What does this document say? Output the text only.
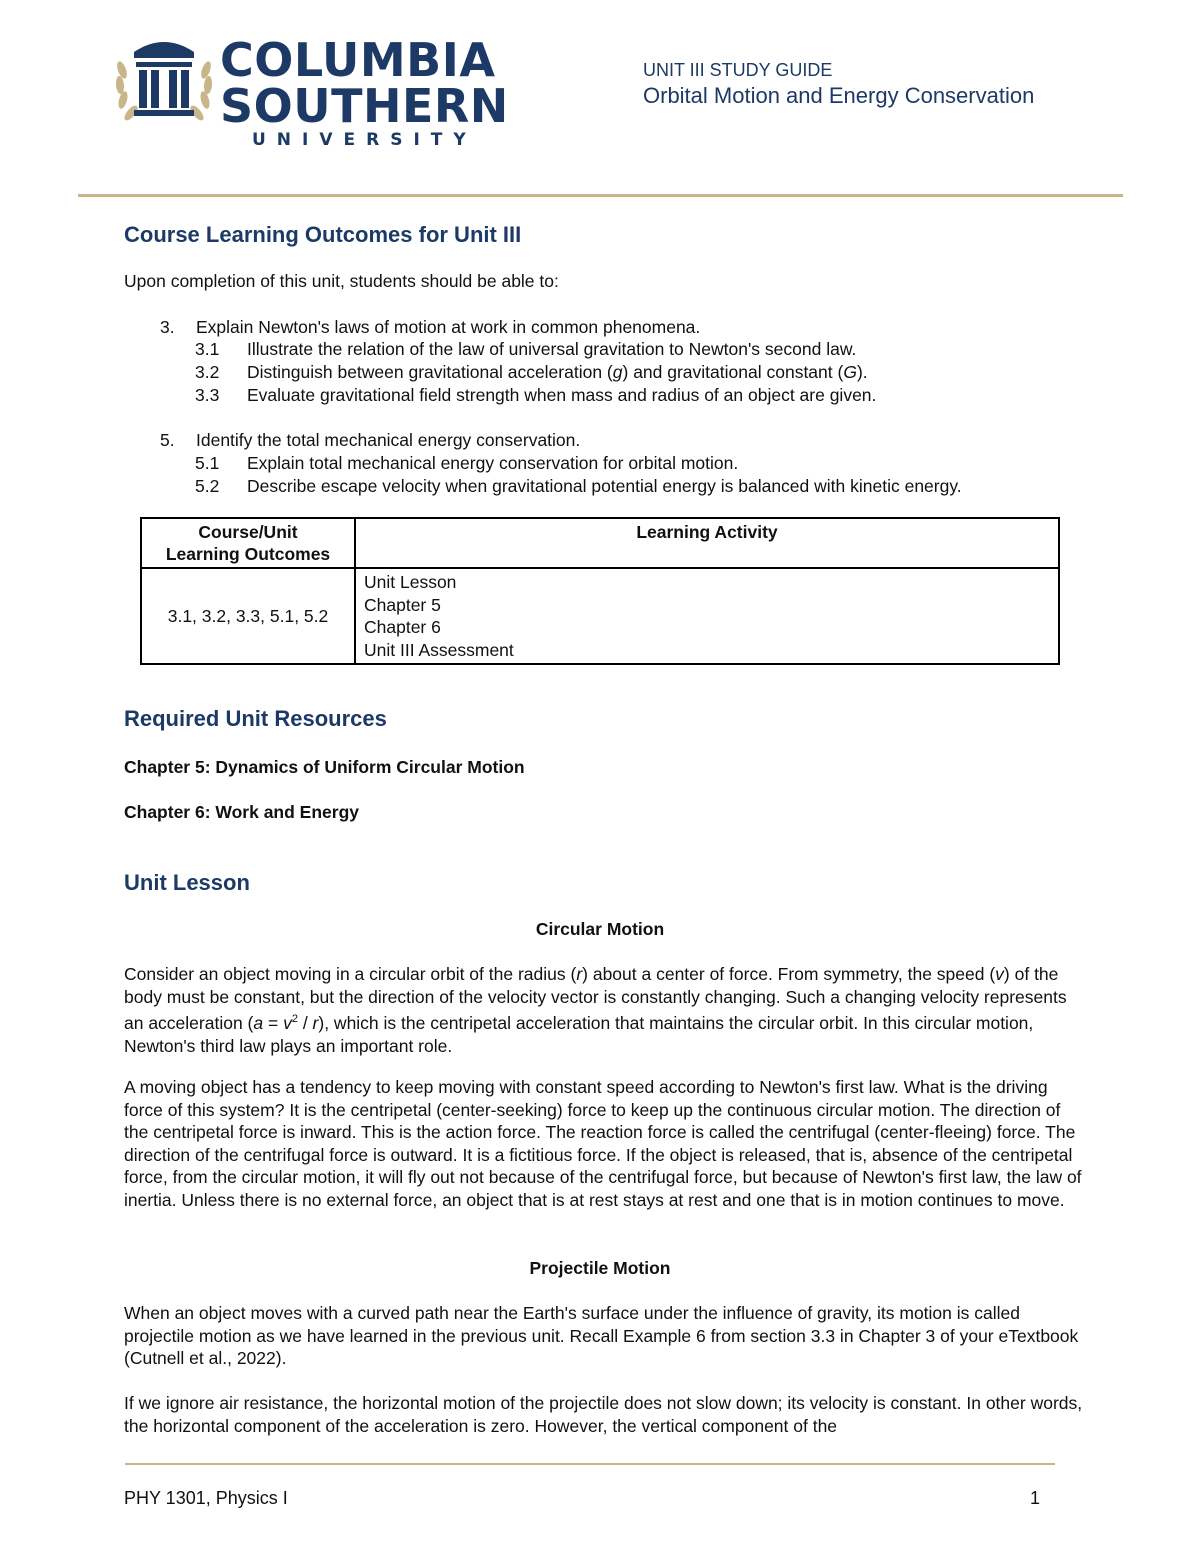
COLUMBIA
SOUTHERN
UNIVERSITY
UNIT III STUDY GUIDE
Orbital Motion and Energy Conservation
Course Learning Outcomes for Unit III
Upon completion of this unit, students should be able to:
3. Explain Newton's laws of motion at work in common phenomena.
3.1 Illustrate the relation of the law of universal gravitation to Newton's second law.
3.2 Distinguish between gravitational acceleration (g) and gravitational constant (G).
3.3 Evaluate gravitational field strength when mass and radius of an object are given.
5. Identify the total mechanical energy conservation.
5.1 Explain total mechanical energy conservation for orbital motion.
5.2 Describe escape velocity when gravitational potential energy is balanced with kinetic energy.
Course/Unit
Learning Outcomes	Learning Activity
3.1, 3.2, 3.3, 5.1, 5.2	Unit Lesson
Chapter 5
Chapter 6
Unit III Assessment
Required Unit Resources
Chapter 5: Dynamics of Uniform Circular Motion
Chapter 6: Work and Energy
Unit Lesson
Circular Motion
Consider an object moving in a circular orbit of the radius (r) about a center of force. From symmetry, the speed (v) of the body must be constant, but the direction of the velocity vector is constantly changing. Such a changing velocity represents an acceleration $(a = v^2 / r)$, which is the centripetal acceleration that maintains the circular orbit. In this circular motion, Newton's third law plays an important role.
A moving object has a tendency to keep moving with constant speed according to Newton's first law. What is the driving force of this system? It is the centripetal (center-seeking) force to keep up the continuous circular motion. The direction of the centripetal force is inward. This is the action force. The reaction force is called the centrifugal (center-fleeing) force. The direction of the centrifugal force is outward. It is a fictitious force. If the object is released, that is, absence of the centripetal force, from the circular motion, it will fly out not because of the centrifugal force, but because of Newton's first law, the law of inertia. Unless there is no external force, an object that is at rest stays at rest and one that is in motion continues to move.
Projectile Motion
When an object moves with a curved path near the Earth's surface under the influence of gravity, its motion is called projectile motion as we have learned in the previous unit. Recall Example 6 from section 3.3 in Chapter 3 of your eTextbook (Cutnell et al., 2022).
If we ignore air resistance, the horizontal motion of the projectile does not slow down; its velocity is constant. In other words, the horizontal component of the acceleration is zero. However, the vertical component of the
PHY 1301, Physics I	1
